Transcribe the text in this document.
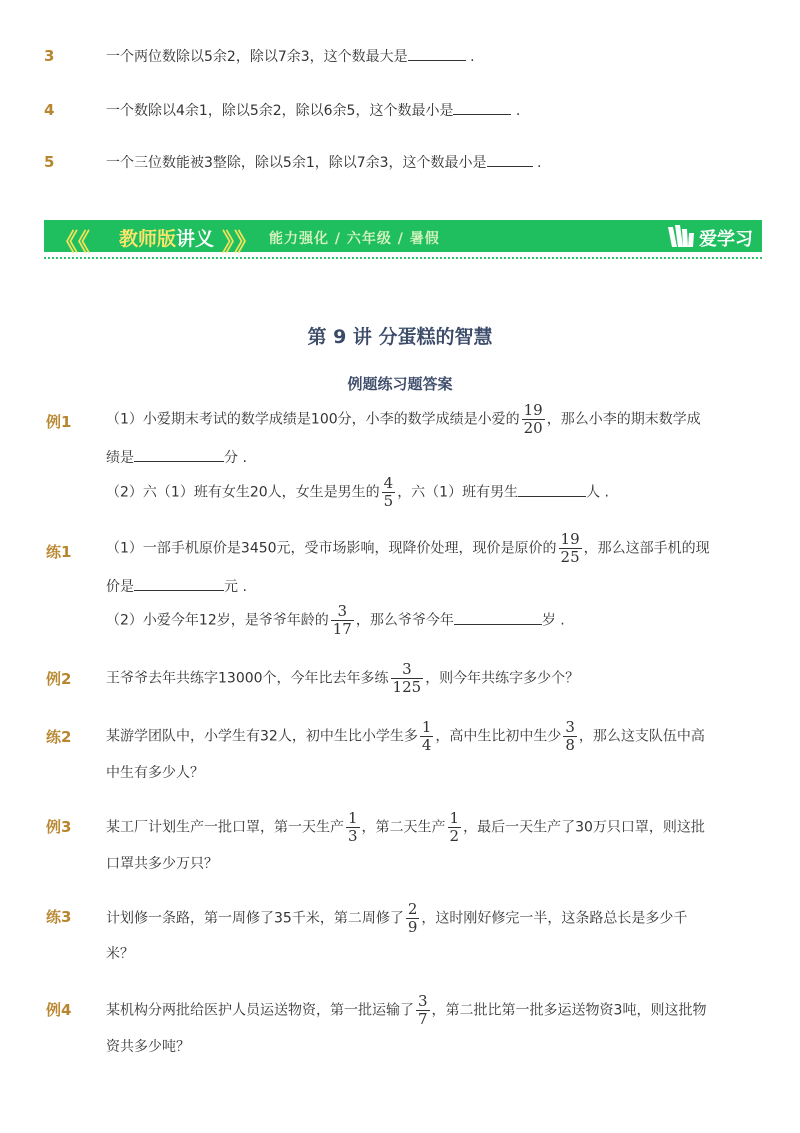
3	一个两位数除以5余2，除以7余3，这个数最大是	.
4	一个数除以4余1，除以5余2，除以6余5，这个数最小是	.
5	一个三位数能被3整除，除以5余1，除以7余3，这个数最小是	.
《《 教师版讲义 》》 能力强化 / 六年级 / 暑假	爱学习
第 9 讲 分蛋糕的智慧
例题练习题答案
例1 （1）小爱期末考试的数学成绩是100分，小李的数学成绩是小爱的 $\frac{19}{20}$ ，那么小李的期末数学成
绩是	分 .
（2）六（1）班有女生20人，女生是男生的 $\frac{4}{5}$ ，六（1）班有男生	人 .
练1 （1）一部手机原价是3450元，受市场影响，现降价处理，现价是原价的 $\frac{19}{25}$ ，那么这部手机的现
价是	元 .
（2）小爱今年12岁，是爷爷年龄的 $\frac{3}{17}$ ，那么爷爷今年	岁 .
例2 王爷爷去年共练字13000个，今年比去年多练 $\frac{3}{125}$ ，则今年共练字多少个？
练2 某游学团队中，小学生有32人，初中生比小学生多 $\frac{1}{4}$ ，高中生比初中生少 $\frac{3}{8}$ ，那么这支队伍中高
中生有多少人？
例3 某工厂计划生产一批口罩，第一天生产 $\frac{1}{3}$ ，第二天生产 $\frac{1}{2}$ ，最后一天生产了30万只口罩，则这批
口罩共多少万只？
练3 计划修一条路，第一周修了35千米，第二周修了 $\frac{2}{9}$ ，这时刚好修完一半，这条路总长是多少千
米？
例4 某机构分两批给医护人员运送物资，第一批运输了 $\frac{3}{7}$ ，第二批比第一批多运送物资3吨，则这批物
资共多少吨？
